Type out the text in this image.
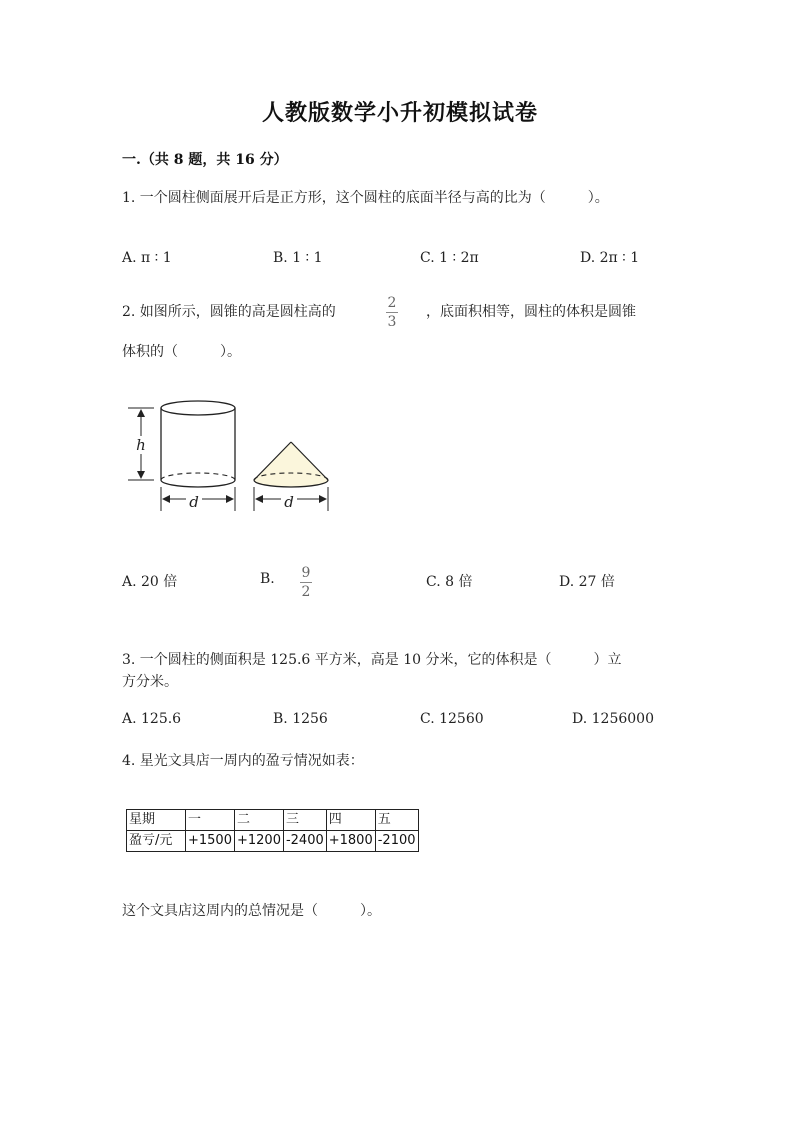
人教版数学小升初模拟试卷
一.（共 8 题，共 16 分）
1. 一个圆柱侧面展开后是正方形，这个圆柱的底面半径与高的比为（　　　）。
A. π ∶ 1	B. 1 ∶ 1	C. 1 ∶ 2π	D. 2π ∶ 1
2. 如图所示，圆锥的高是圆柱高的
2
3
，底面积相等，圆柱的体积是圆锥
体积的（　　　）。
h
d	d
A. 20 倍	B. 9
2
C. 8 倍	D. 27 倍
3. 一个圆柱的侧面积是 125.6 平方米，高是 10 分米，它的体积是（　　　）立
方分米。
A. 125.6	B. 1256	C. 12560	D. 1256000
4. 星光文具店一周内的盈亏情况如表：
星期	一	二	三	四	五
盈亏/元	+1500	+1200	-2400	+1800	-2100
这个文具店这周内的总情况是（　　　）。
